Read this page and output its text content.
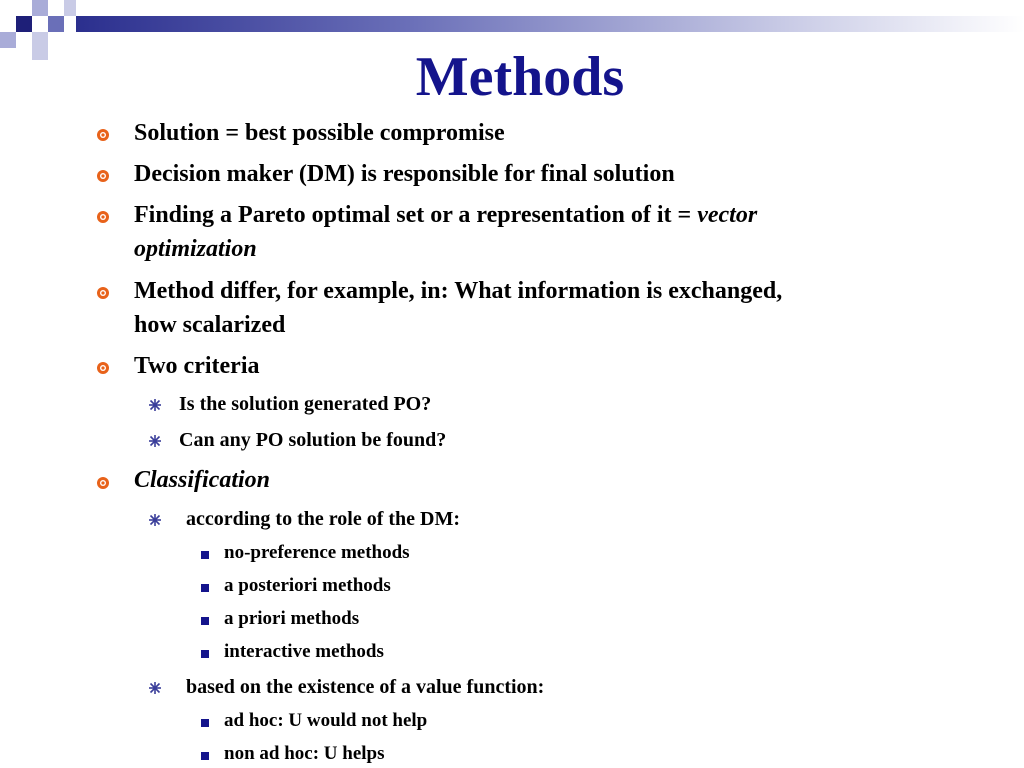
Methods
Solution = best possible compromise
Decision maker (DM) is responsible for final solution
Finding a Pareto optimal set or a representation of it = vector
optimization
Method differ, for example, in: What information is exchanged,
how scalarized
Two criteria
Is the solution generated PO?
Can any PO solution be found?
Classification
according to the role of the DM:
no-preference methods
a posteriori methods
a priori methods
interactive methods
based on the existence of a value function:
ad hoc: U would not help
non ad hoc: U helps
